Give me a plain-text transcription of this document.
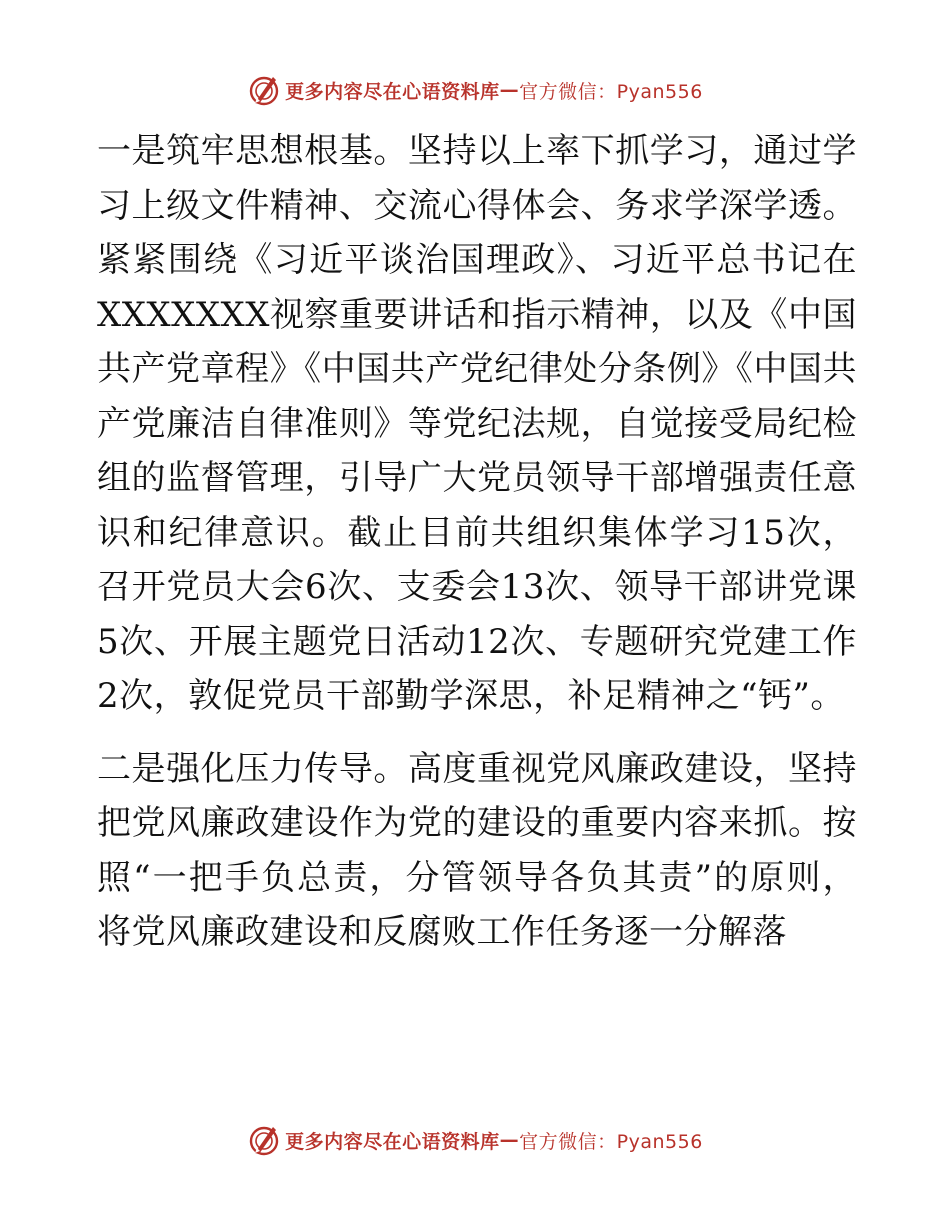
更多内容尽在心语资料库 — 官方微信：Pyan556

一是筑牢思想根基。坚持以上率下抓学习，通过学习上级文件精神、交流心得体会、务求学深学透。紧紧围绕《习近平谈治国理政》、习近平总书记在XXXXXXX视察重要讲话和指示精神，以及《中国共产党章程》《中国共产党纪律处分条例》《中国共产党廉洁自律准则》等党纪法规，自觉接受局纪检组的监督管理，引导广大党员领导干部增强责任意识和纪律意识。截止目前共组织集体学习15次，召开党员大会6次、支委会13次、领导干部讲党课5次、开展主题党日活动12次、专题研究党建工作2次，敦促党员干部勤学深思，补足精神之“钙”。

二是强化压力传导。高度重视党风廉政建设，坚持把党风廉政建设作为党的建设的重要内容来抓。按照“一把手负总责，分管领导各负其责”的原则，将党风廉政建设和反腐败工作任务逐一分解落

更多内容尽在心语资料库 — 官方微信：Pyan556
